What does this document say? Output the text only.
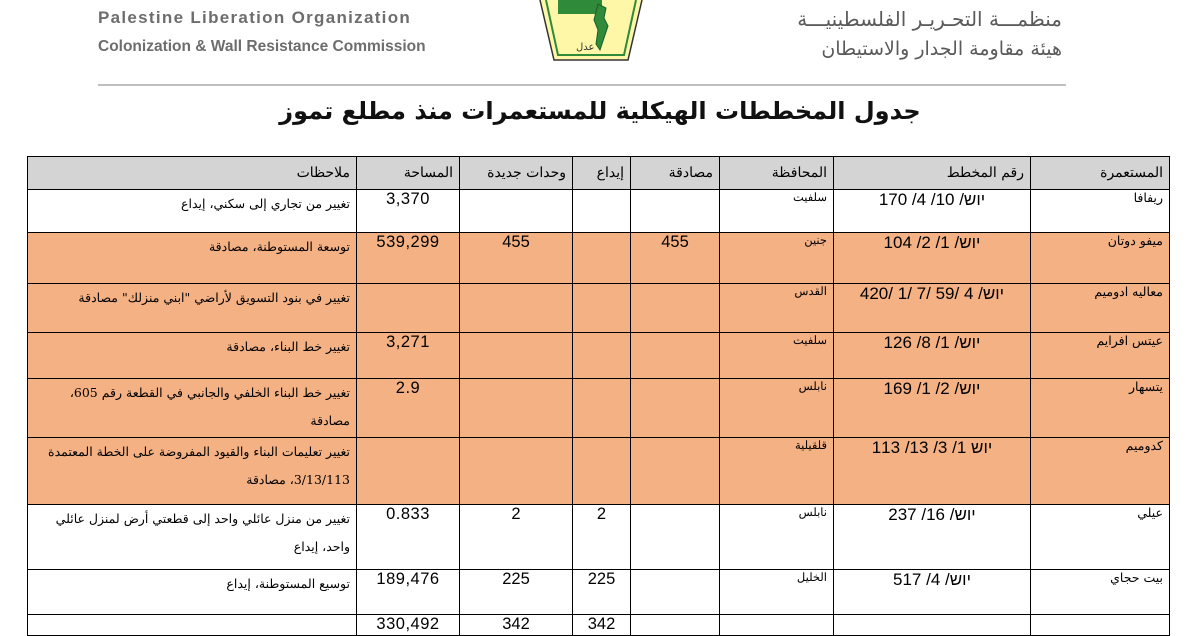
Palestine Liberation Organization
Colonization & Wall Resistance Commission	عدل
منظمـــة التحـريـر الفلسطينيـــة
هيئة مقاومة الجدار والاستيطان
جدول المخططات الهيكلية للمستعمرات منذ مطلع تموز
المستعمرة	رقم المخطط	المحافظة	مصادقة	إيداع	وحدات جديدة	المساحة	ملاحظات
ريفافا	יוש/ 10/ 4/ 170	سلفيت				3,370	تغيير من تجاري إلى سكني، إيداع
ميفو دوتان	יוש/ 1/ 2/ 104	جنين	455		455	539,299	توسعة المستوطنة، مصادقة
معاليه ادوميم	יוש/ 4 /59 /7 /1 /420	القدس					تغيير في بنود التسويق لأراضي "ابني منزلك" مصادقة
عيتس افرايم	יוש/ 1/ 8/ 126	سلفيت				3,271	تغيير خط البناء، مصادقة
يتسهار	יוש/ 2/ 1/ 169	نابلس				2.9	تغيير خط البناء الخلفي والجانبي في القطعة رقم 605، مصادقة
كدوميم	יוש 1/ 3/ 13/ 113	قلقيلية					تغيير تعليمات البناء والقيود المفروضة على الخطة المعتمدة 3/13/113، مصادقة
عيلي	יוש/ 16/ 237	نابلس		2	2	0.833	تغيير من منزل عائلي واحد إلى قطعتي أرض لمنزل عائلي واحد، إيداع
بيت حجاي	יוש/ 4/ 517	الخليل		225	225	189,476	توسيع المستوطنة، إيداع
				342	342	330,492	
